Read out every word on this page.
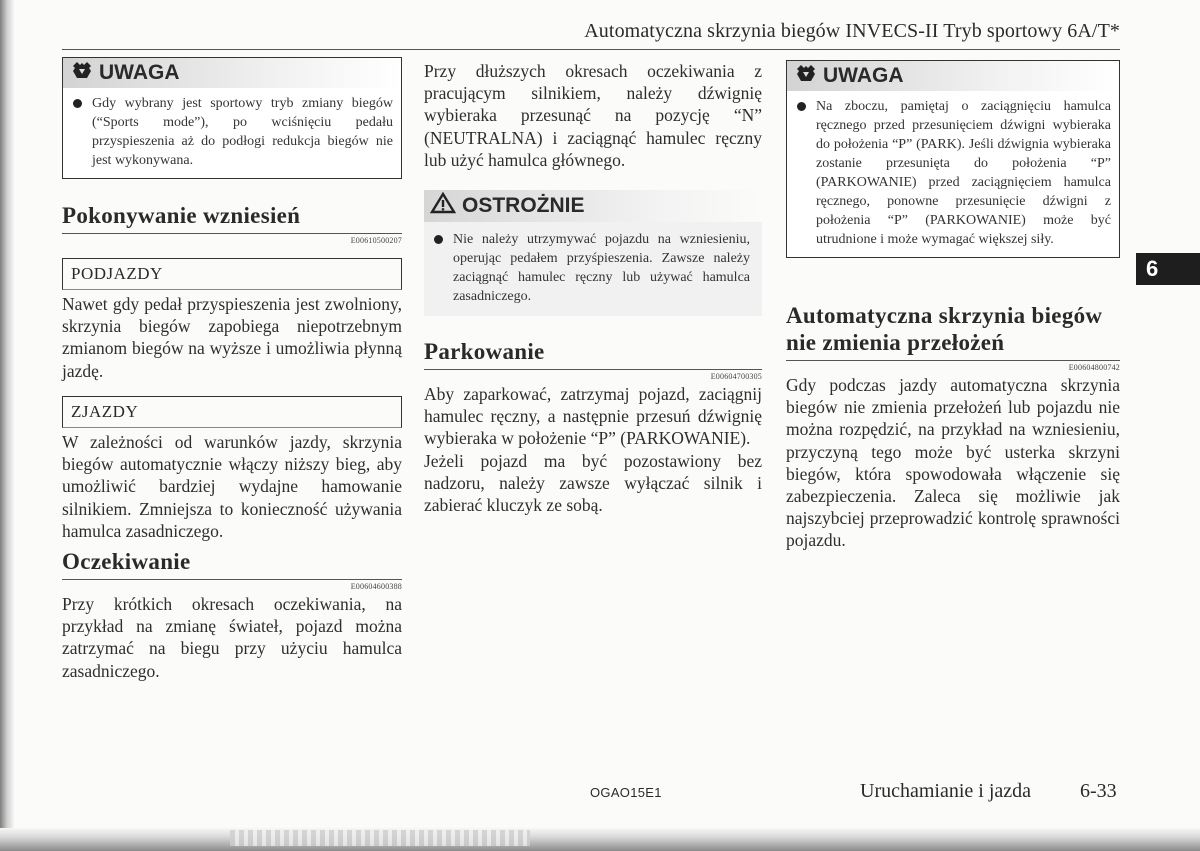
Automatyczna skrzynia biegów INVECS-II Tryb sportowy 6A/T*
UWAGA
Gdy wybrany jest sportowy tryb zmiany biegów (“Sports mode”), po wciśnięciu pedału przyspieszenia aż do podłogi redukcja biegów nie jest wykonywana.
Pokonywanie wzniesień
E00610500207
PODJAZDY
Nawet gdy pedał przyspieszenia jest zwolniony, skrzynia biegów zapobiega niepotrzebnym zmianom biegów na wyższe i umożliwia płynną jazdę.
ZJAZDY
W zależności od warunków jazdy, skrzynia biegów automatycznie włączy niższy bieg, aby umożliwić bardziej wydajne hamowanie silnikiem. Zmniejsza to konieczność używania hamulca zasadniczego.
Oczekiwanie
E00604600388
Przy krótkich okresach oczekiwania, na przykład na zmianę świateł, pojazd można zatrzymać na biegu przy użyciu hamulca zasadniczego.
Przy dłuższych okresach oczekiwania z pracującym silnikiem, należy dźwignię wybieraka przesunąć na pozycję “N” (NEUTRALNA) i zaciągnąć hamulec ręczny lub użyć hamulca głównego.
OSTROŻNIE
Nie należy utrzymywać pojazdu na wzniesieniu, operując pedałem przyśpieszenia. Zawsze należy zaciągnąć hamulec ręczny lub używać hamulca zasadniczego.
Parkowanie
E00604700305
Aby zaparkować, zatrzymaj pojazd, zaciągnij hamulec ręczny, a następnie przesuń dźwignię wybieraka w położenie “P” (PARKOWANIE).
Jeżeli pojazd ma być pozostawiony bez nadzoru, należy zawsze wyłączać silnik i zabierać kluczyk ze sobą.
UWAGA
Na zboczu, pamiętaj o zaciągnięciu hamulca ręcznego przed przesunięciem dźwigni wybieraka do położenia “P” (PARK). Jeśli dźwignia wybieraka zostanie przesunięta do położenia “P” (PARKOWANIE) przed zaciągnięciem hamulca ręcznego, ponowne przesunięcie dźwigni z położenia “P” (PARKOWANIE) może być utrudnione i może wymagać większej siły.
Automatyczna skrzynia biegów nie zmienia przełożeń
E00604800742
Gdy podczas jazdy automatyczna skrzynia biegów nie zmienia przełożeń lub pojazdu nie można rozpędzić, na przykład na wzniesieniu, przyczyną tego może być usterka skrzyni biegów, która spowodowała włączenie się zabezpieczenia. Zaleca się możliwie jak najszybciej przeprowadzić kontrolę sprawności pojazdu.
6
OGAO15E1	Uruchamianie i jazda 6-33
